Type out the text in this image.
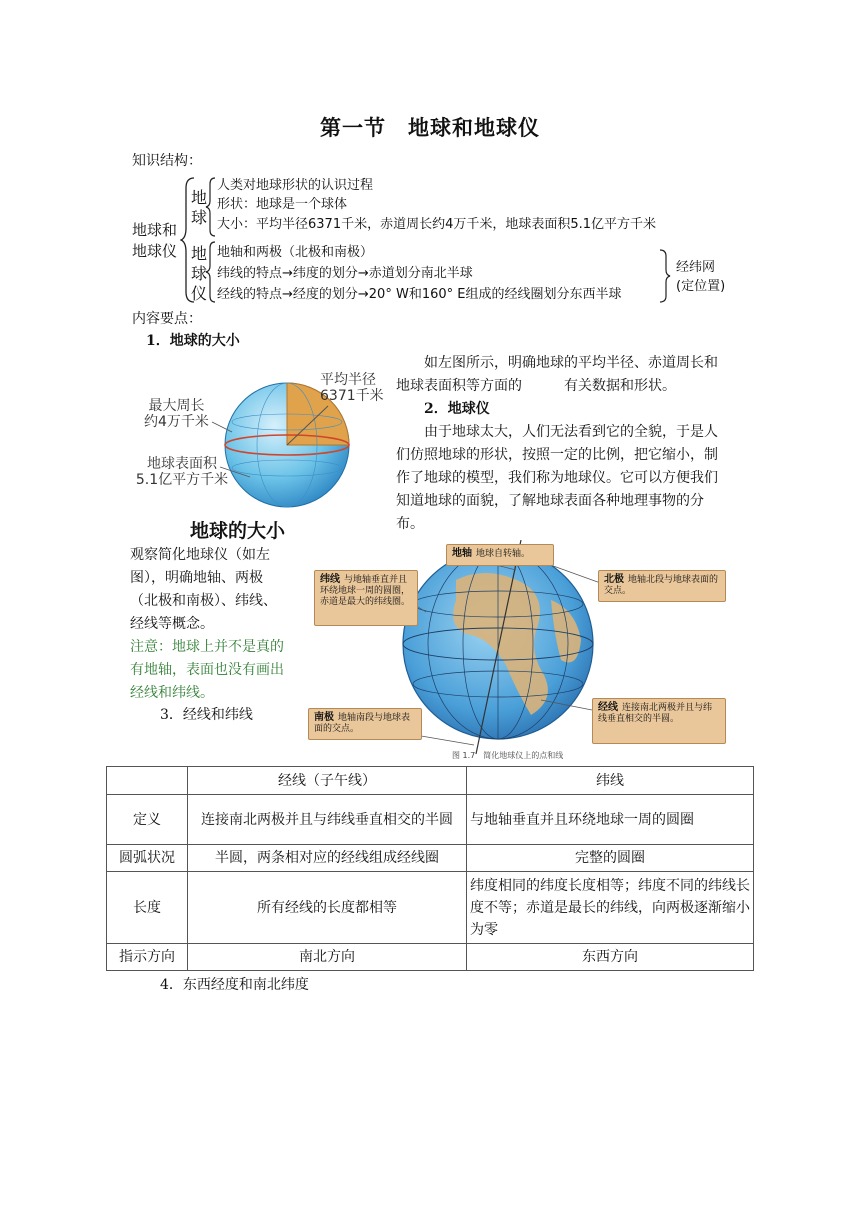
第一节 地球和地球仪
知识结构：
地球和地球仪
地
球
人类对地球形状的认识过程
形状：地球是一个球体
大小：平均半径6371千米，赤道周长约4万千米，地球表面积5.1亿平方千米
地
球
仪
地轴和两极（北极和南极）
纬线的特点→纬度的划分→赤道划分南北半球
经线的特点→经度的划分→20° W和160° E组成的经线圈划分东西半球
经纬网
(定位置)
内容要点：
1．地球的大小
平均半径
6371千米
最大周长
约4万千米
地球表面积
5.1亿平方千米
地球的大小
如左图所示，明确地球的平均半径、赤道周长和地球表面积等方面的　　　有关数据和形状。
2．地球仪
由于地球太大，人们无法看到它的全貌，于是人们仿照地球的形状，按照一定的比例，把它缩小，制作了地球的模型，我们称为地球仪。它可以方便我们知道地球的面貌，了解地球表面各种地理事物的分布。
观察简化地球仪（如左图），明确地轴、两极（北极和南极）、纬线、经线等概念。
注意：地球上并不是真的有地轴，表面也没有画出经线和纬线。
3．经线和纬线
地轴 地球自转轴。
纬线 与地轴垂直并且环绕地球一周的圆圈，赤道是最大的纬线圈。
北极 地轴北段与地球表面的交点。
南极 地轴南段与地球表面的交点。
经线 连接南北两极并且与纬线垂直相交的半圆。
图 1.7　简化地球仪上的点和线
	经线（子午线）	纬线
定义	连接南北两极并且与纬线垂直相交的半圆	与地轴垂直并且环绕地球一周的圆圈
圆弧状况	半圆，两条相对应的经线组成经线圈	完整的圆圈
长度	所有经线的长度都相等	纬度相同的纬度长度相等；纬度不同的纬线长度不等；赤道是最长的纬线，向两极逐渐缩小为零
指示方向	南北方向	东西方向
4．东西经度和南北纬度
